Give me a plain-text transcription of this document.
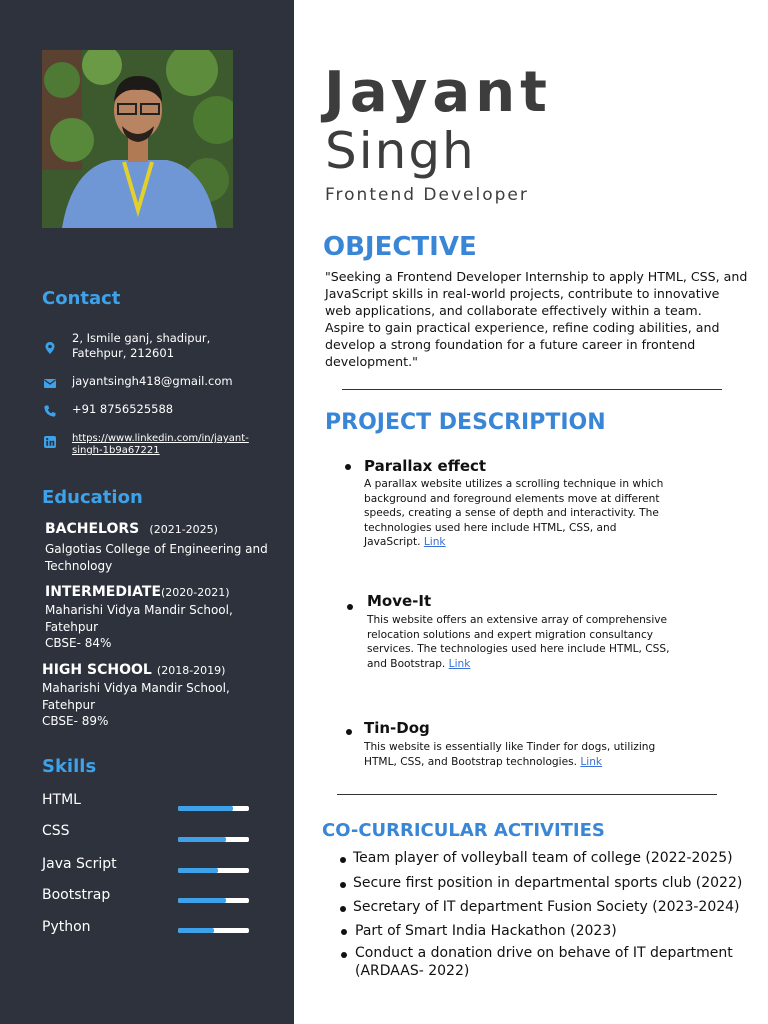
Contact
2, Ismile ganj, shadipur,
Fatehpur, 212601
jayantsingh418@gmail.com
+91 8756525588
https://www.linkedin.com/in/jayant-
singh-1b9a67221
Education
BACHELORS (2021-2025)
Galgotias College of Engineering and
Technology
INTERMEDIATE(2020-2021)
Maharishi Vidya Mandir School,
Fatehpur
CBSE- 84%
HIGH SCHOOL (2018-2019)
Maharishi Vidya Mandir School,
Fatehpur
CBSE- 89%
Skills
HTML
CSS
Java Script
Bootstrap
Python
Jayant
Singh
Frontend Developer
OBJECTIVE
"Seeking a Frontend Developer Internship to apply HTML, CSS, and
JavaScript skills in real-world projects, contribute to innovative
web applications, and collaborate effectively within a team.
Aspire to gain practical experience, refine coding abilities, and
develop a strong foundation for a future career in frontend
development."
PROJECT DESCRIPTION
Parallax effect
A parallax website utilizes a scrolling technique in which
background and foreground elements move at different
speeds, creating a sense of depth and interactivity. The
technologies used here include HTML, CSS, and
JavaScript. Link
Move-It
This website offers an extensive array of comprehensive
relocation solutions and expert migration consultancy
services. The technologies used here include HTML, CSS,
and Bootstrap. Link
Tin-Dog
This website is essentially like Tinder for dogs, utilizing
HTML, CSS, and Bootstrap technologies. Link
CO-CURRICULAR ACTIVITIES
Team player of volleyball team of college (2022-2025)
Secure first position in departmental sports club (2022)
Secretary of IT department Fusion Society (2023-2024)
Part of Smart India Hackathon (2023)
Conduct a donation drive on behave of IT department
(ARDAAS- 2022)
